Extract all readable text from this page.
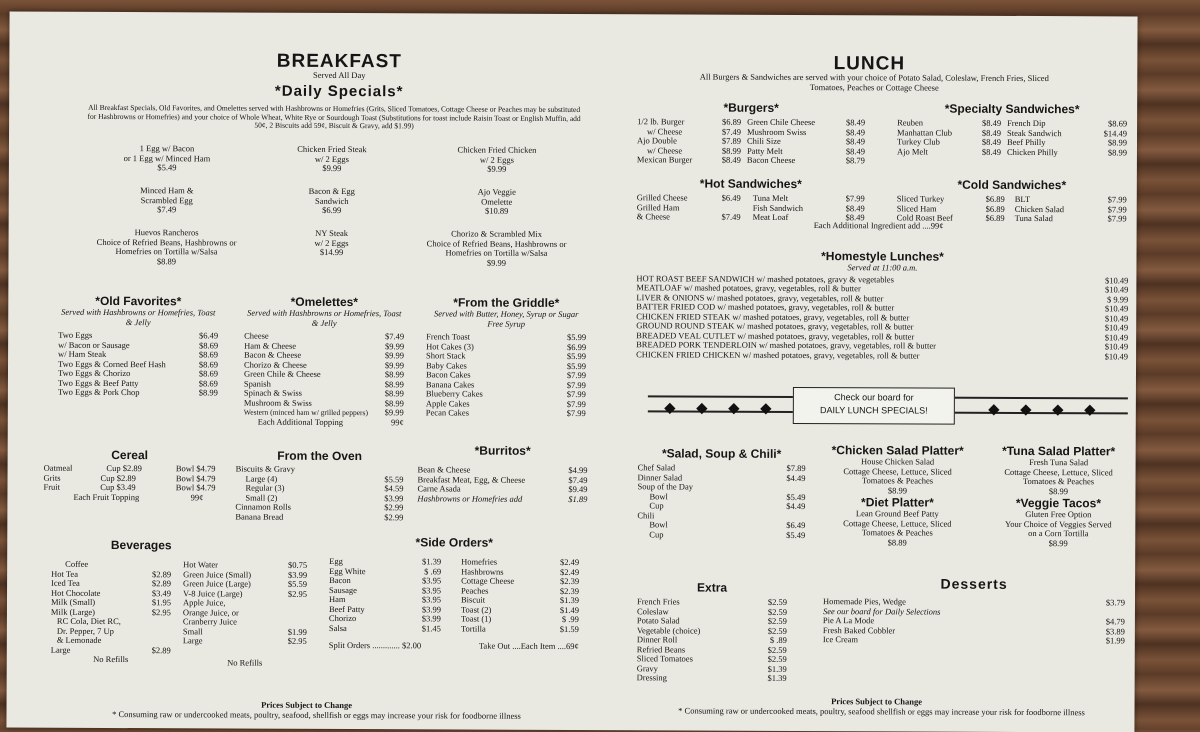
BREAKFAST
Served All Day
*Daily Specials*
All Breakfast Specials, Old Favorites, and Omelettes served with Hashbrowns or Homefries (Grits, Sliced Tomatoes, Cottage Cheese or Peaches may be substituted for Hashbrowns or Homefries) and your choice of Whole Wheat, White Rye or Sourdough Toast (Substitutions for toast include Raisin Toast or English Muffin, add 50¢, 2 Biscuits add 59¢, Biscuit & Gravy, add $1.99)
1 Egg w/ Bacon
or 1 Egg w/ Minced Ham
$5.49
Chicken Fried Steak
w/ 2 Eggs
$9.99
Chicken Fried Chicken
w/ 2 Eggs
$9.99
Minced Ham &
Scrambled Egg
$7.49
Bacon & Egg
Sandwich
$6.99
Ajo Veggie
Omelette
$10.89
Huevos Rancheros
Choice of Refried Beans, Hashbrowns or Homefries on Tortilla w/Salsa
$8.89
NY Steak
w/ 2 Eggs
$14.99
Chorizo & Scrambled Mix
Choice of Refried Beans, Hashbrowns or Homefries on Tortilla w/Salsa
$9.99
*Old Favorites*
Served with Hashbrowns or Homefries, Toast & Jelly
Two Eggs	$6.49
w/ Bacon or Sausage	$8.69
w/ Ham Steak	$8.69
Two Eggs & Corned Beef Hash	$8.69
Two Eggs & Chorizo	$8.69
Two Eggs & Beef Patty	$8.69
Two Eggs & Pork Chop	$8.99
*Omelettes*
Served with Hashbrowns or Homefries, Toast & Jelly
Cheese	$7.49
Ham & Cheese	$9.99
Bacon & Cheese	$9.99
Chorizo & Cheese	$9.99
Green Chile & Cheese	$8.99
Spanish	$8.99
Spinach & Swiss	$8.99
Mushroom & Swiss	$8.99
Western (minced ham w/ grilled peppers) $9.99
Each Additional Topping	99¢
*From the Griddle*
Served with Butter, Honey, Syrup or Sugar Free Syrup
French Toast	$5.99
Hot Cakes (3)	$6.99
Short Stack	$5.99
Baby Cakes	$5.99
Bacon Cakes	$7.99
Banana Cakes	$7.99
Blueberry Cakes	$7.99
Apple Cakes	$7.99
Pecan Cakes	$7.99
Cereal
Oatmeal	Cup $2.89	Bowl $4.79
Grits	Cup $2.89	Bowl $4.79
Fruit	Cup $3.49	Bowl $4.79
Each Fruit Topping	99¢
From the Oven
Biscuits & Gravy
Large (4)	$5.59
Regular (3)	$4.59
Small (2)	$3.99
Cinnamon Rolls	$2.99
Banana Bread	$2.99
*Burritos*
Bean & Cheese	$4.99
Breakfast Meat, Egg, & Cheese	$7.49
Carne Asada	$9.49
Hashbrowns or Homefries add	$1.89
Beverages
Coffee
Hot Tea	$2.89
Iced Tea	$2.89
Hot Chocolate	$3.49
Milk (Small)	$1.95
Milk (Large)	$2.95
RC Cola, Diet RC,
Dr. Pepper, 7 Up
& Lemonade
Large	$2.89
No Refills
Hot Water	$0.75
Green Juice (Small)	$3.99
Green Juice (Large)	$5.59
V-8 Juice (Large)	$2.95
Apple Juice,
Orange Juice, or
Cranberry Juice
Small	$1.99
Large	$2.95
No Refills
*Side Orders*
Egg	$1.39
Egg White	$ .69
Bacon	$3.95
Sausage	$3.95
Ham	$3.95
Beef Patty	$3.99
Chorizo	$3.99
Salsa	$1.45
Homefries	$2.49
Hashbrowns	$2.49
Cottage Cheese	$2.39
Peaches	$2.39
Biscuit	$1.39
Toast (2)	$1.49
Toast (1)	$ .99
Tortilla	$1.59
Split Orders ............. $2.00	Take Out ....Each Item ....69¢
Prices Subject to Change
* Consuming raw or undercooked meats, poultry, seafood, shellfish or eggs may increase your risk for foodborne illness
LUNCH
All Burgers & Sandwiches are served with your choice of Potato Salad, Coleslaw, French Fries, Sliced Tomatoes, Peaches or Cottage Cheese
*Burgers*
1/2 lb. Burger	$6.89
w/ Cheese	$7.49
Ajo Double	$7.89
w/ Cheese	$8.99
Mexican Burger	$8.49
Green Chile Cheese	$8.49
Mushroom Swiss	$8.49
Chili Size	$8.49
Patty Melt	$8.49
Bacon Cheese	$8.79
*Specialty Sandwiches*
Reuben	$8.49
Manhattan Club	$8.49
Turkey Club	$8.49
Ajo Melt	$8.49
French Dip	$8.69
Steak Sandwich	$14.49
Beef Philly	$8.99
Chicken Philly	$8.99
*Hot Sandwiches*
Grilled Cheese	$6.49
Grilled Ham
& Cheese	$7.49
Tuna Melt	$7.99
Fish Sandwich	$8.49
Meat Loaf	$8.49
*Cold Sandwiches*
Sliced Turkey	$6.89
Sliced Ham	$6.89
Cold Roast Beef	$6.89
BLT	$7.99
Chicken Salad	$7.99
Tuna Salad	$7.99
Each Additional Ingredient add ....99¢
*Homestyle Lunches*
Served at 11:00 a.m.
HOT ROAST BEEF SANDWICH w/ mashed potatoes, gravy & vegetables	$10.49
MEATLOAF w/ mashed potatoes, gravy, vegetables, roll & butter	$10.49
LIVER & ONIONS w/ mashed potatoes, gravy, vegetables, roll & butter	$ 9.99
BATTER FRIED COD w/ mashed potatoes, gravy, vegetables, roll & butter	$10.49
CHICKEN FRIED STEAK w/ mashed potatoes, gravy, vegetables, roll & butter	$10.49
GROUND ROUND STEAK w/ mashed potatoes, gravy, vegetables, roll & butter	$10.49
BREADED VEAL CUTLET w/ mashed potatoes, gravy, vegetables, roll & butter	$10.49
BREADED PORK TENDERLOIN w/ mashed potatoes, gravy, vegetables, roll & butter	$10.49
CHICKEN FRIED CHICKEN w/ mashed potatoes, gravy, vegetables, roll & butter	$10.49
Check our board for
DAILY LUNCH SPECIALS!
*Salad, Soup & Chili*
Chef Salad	$7.89
Dinner Salad	$4.49
Soup of the Day
Bowl	$5.49
Cup	$4.49
Chili
Bowl	$6.49
Cup	$5.49
*Chicken Salad Platter*
House Chicken Salad
Cottage Cheese, Lettuce, Sliced
Tomatoes & Peaches
$8.99
*Tuna Salad Platter*
Fresh Tuna Salad
Cottage Cheese, Lettuce, Sliced
Tomatoes & Peaches
$8.99
*Diet Platter*
Lean Ground Beef Patty
Cottage Cheese, Lettuce, Sliced
Tomatoes & Peaches
$8.89
*Veggie Tacos*
Gluten Free Option
Your Choice of Veggies Served
on a Corn Tortilla
$8.99
Extra
French Fries	$2.59
Coleslaw	$2.59
Potato Salad	$2.59
Vegetable (choice)	$2.59
Dinner Roll	$ .89
Refried Beans	$2.59
Sliced Tomatoes	$2.59
Gravy	$1.39
Dressing	$1.39
Desserts
Homemade Pies, Wedge	$3.79
See our board for Daily Selections
Pie A La Mode	$4.79
Fresh Baked Cobbler	$3.89
Ice Cream	$1.99
Prices Subject to Change
* Consuming raw or undercooked meats, poultry, seafood shellfish or eggs may increase your risk for foodborne illness
